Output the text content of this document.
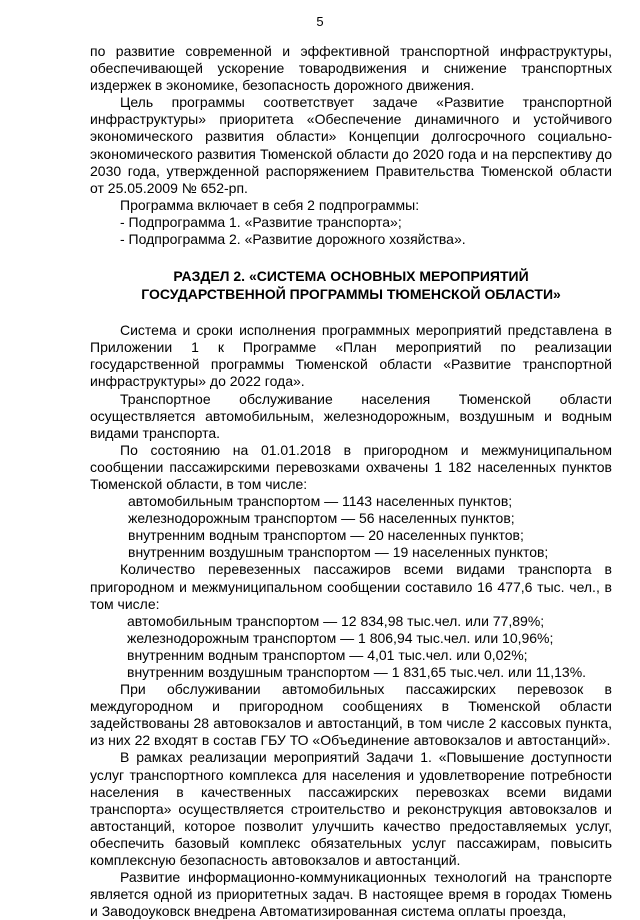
5

по развитие современной и эффективной транспортной инфраструктуры, обеспечивающей ускорение товародвижения и снижение транспортных издержек в экономике, безопасность дорожного движения.

Цель программы соответствует задаче «Развитие транспортной инфраструктуры» приоритета «Обеспечение динамичного и устойчивого экономического развития области» Концепции долгосрочного социально-экономического развития Тюменской области до 2020 года и на перспективу до 2030 года, утвержденной распоряжением Правительства Тюменской области от 25.05.2009 № 652-рп.

Программа включает в себя 2 подпрограммы:

- Подпрограмма 1. «Развитие транспорта»;

- Подпрограмма 2. «Развитие дорожного хозяйства».

РАЗДЕЛ 2. «СИСТЕМА ОСНОВНЫХ МЕРОПРИЯТИЙ
ГОСУДАРСТВЕННОЙ ПРОГРАММЫ ТЮМЕНСКОЙ ОБЛАСТИ»

Система и сроки исполнения программных мероприятий представлена в Приложении 1 к Программе «План мероприятий по реализации государственной программы Тюменской области «Развитие транспортной инфраструктуры» до 2022 года».

Транспортное обслуживание населения Тюменской области осуществляется автомобильным, железнодорожным, воздушным и водным видами транспорта.

По состоянию на 01.01.2018 в пригородном и межмуниципальном сообщении пассажирскими перевозками охвачены 1 182 населенных пунктов Тюменской области, в том числе:

автомобильным транспортом — 1143 населенных пунктов;

железнодорожным транспортом — 56 населенных пунктов;

внутренним водным транспортом — 20 населенных пунктов;

внутренним воздушным транспортом — 19 населенных пунктов;

Количество перевезенных пассажиров всеми видами транспорта в пригородном и межмуниципальном сообщении составило 16 477,6 тыс. чел., в том числе:

автомобильным транспортом — 12 834,98 тыс.чел. или 77,89%;

железнодорожным транспортом — 1 806,94 тыс.чел. или 10,96%;

внутренним водным транспортом — 4,01 тыс.чел. или 0,02%;

внутренним воздушным транспортом — 1 831,65 тыс.чел. или 11,13%.

При обслуживании автомобильных пассажирских перевозок в междугородном и пригородном сообщениях в Тюменской области задействованы 28 автовокзалов и автостанций, в том числе 2 кассовых пункта, из них 22 входят в состав ГБУ ТО «Объединение автовокзалов и автостанций».

В рамках реализации мероприятий Задачи 1. «Повышение доступности услуг транспортного комплекса для населения и удовлетворение потребности населения в качественных пассажирских перевозках всеми видами транспорта» осуществляется строительство и реконструкция автовокзалов и автостанций, которое позволит улучшить качество предоставляемых услуг, обеспечить базовый комплекс обязательных услуг пассажирам, повысить комплексную безопасность автовокзалов и автостанций.

Развитие информационно-коммуникационных технологий на транспорте является одной из приоритетных задач. В настоящее время в городах Тюмень и Заводоуковск внедрена Автоматизированная система оплаты проезда,
